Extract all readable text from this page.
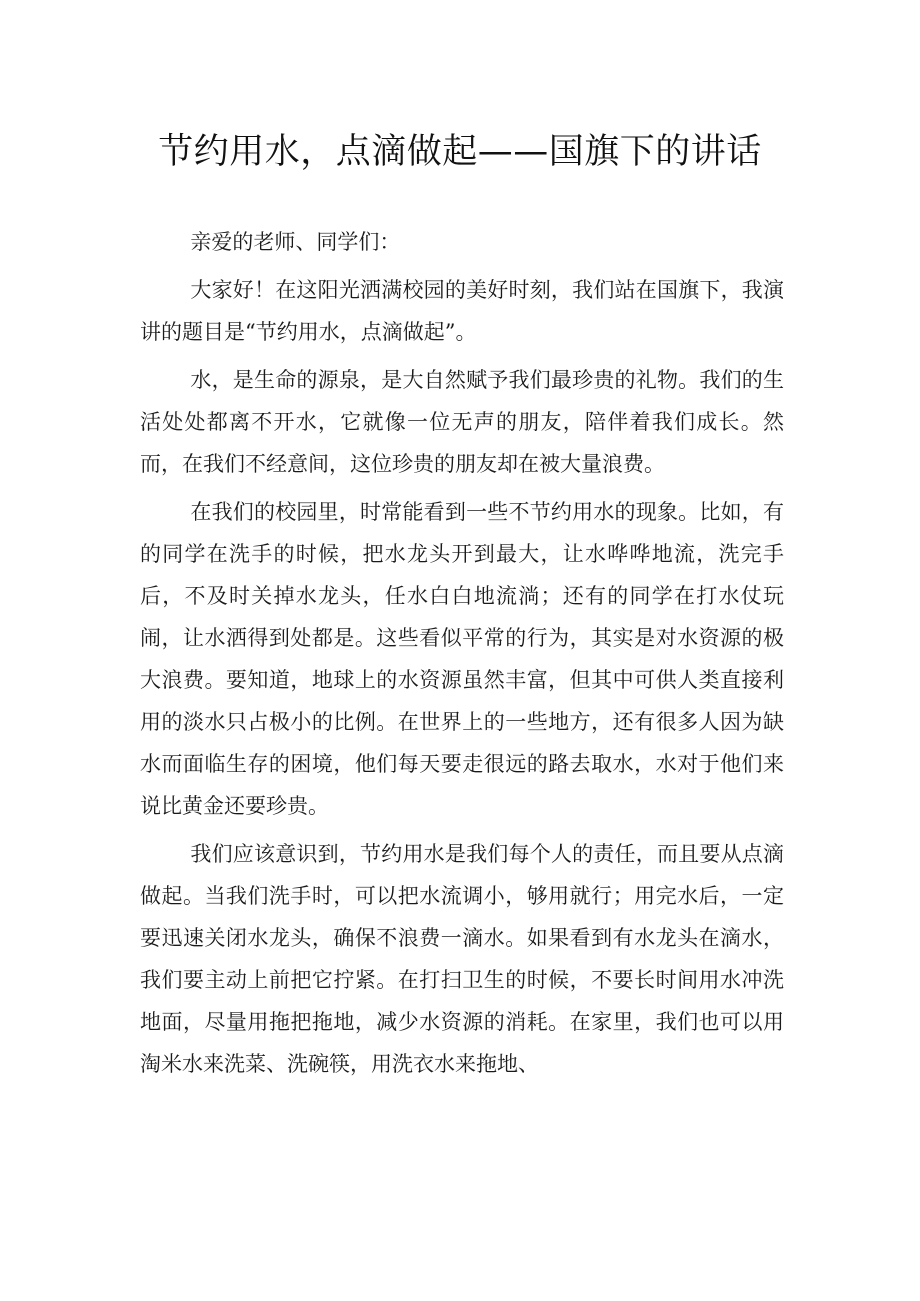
节约用水，点滴做起——国旗下的讲话

亲爱的老师、同学们：

大家好！在这阳光洒满校园的美好时刻，我们站在国旗下，我演讲的题目是“节约用水，点滴做起”。

水，是生命的源泉，是大自然赋予我们最珍贵的礼物。我们的生活处处都离不开水，它就像一位无声的朋友，陪伴着我们成长。然而，在我们不经意间，这位珍贵的朋友却在被大量浪费。

在我们的校园里，时常能看到一些不节约用水的现象。比如，有的同学在洗手的时候，把水龙头开到最大，让水哗哗地流，洗完手后，不及时关掉水龙头，任水白白地流淌；还有的同学在打水仗玩闹，让水洒得到处都是。这些看似平常的行为，其实是对水资源的极大浪费。要知道，地球上的水资源虽然丰富，但其中可供人类直接利用的淡水只占极小的比例。在世界上的一些地方，还有很多人因为缺水而面临生存的困境，他们每天要走很远的路去取水，水对于他们来说比黄金还要珍贵。

我们应该意识到，节约用水是我们每个人的责任，而且要从点滴做起。当我们洗手时，可以把水流调小，够用就行；用完水后，一定要迅速关闭水龙头，确保不浪费一滴水。如果看到有水龙头在滴水，我们要主动上前把它拧紧。在打扫卫生的时候，不要长时间用水冲洗地面，尽量用拖把拖地，减少水资源的消耗。在家里，我们也可以用淘米水来洗菜、洗碗筷，用洗衣水来拖地、
